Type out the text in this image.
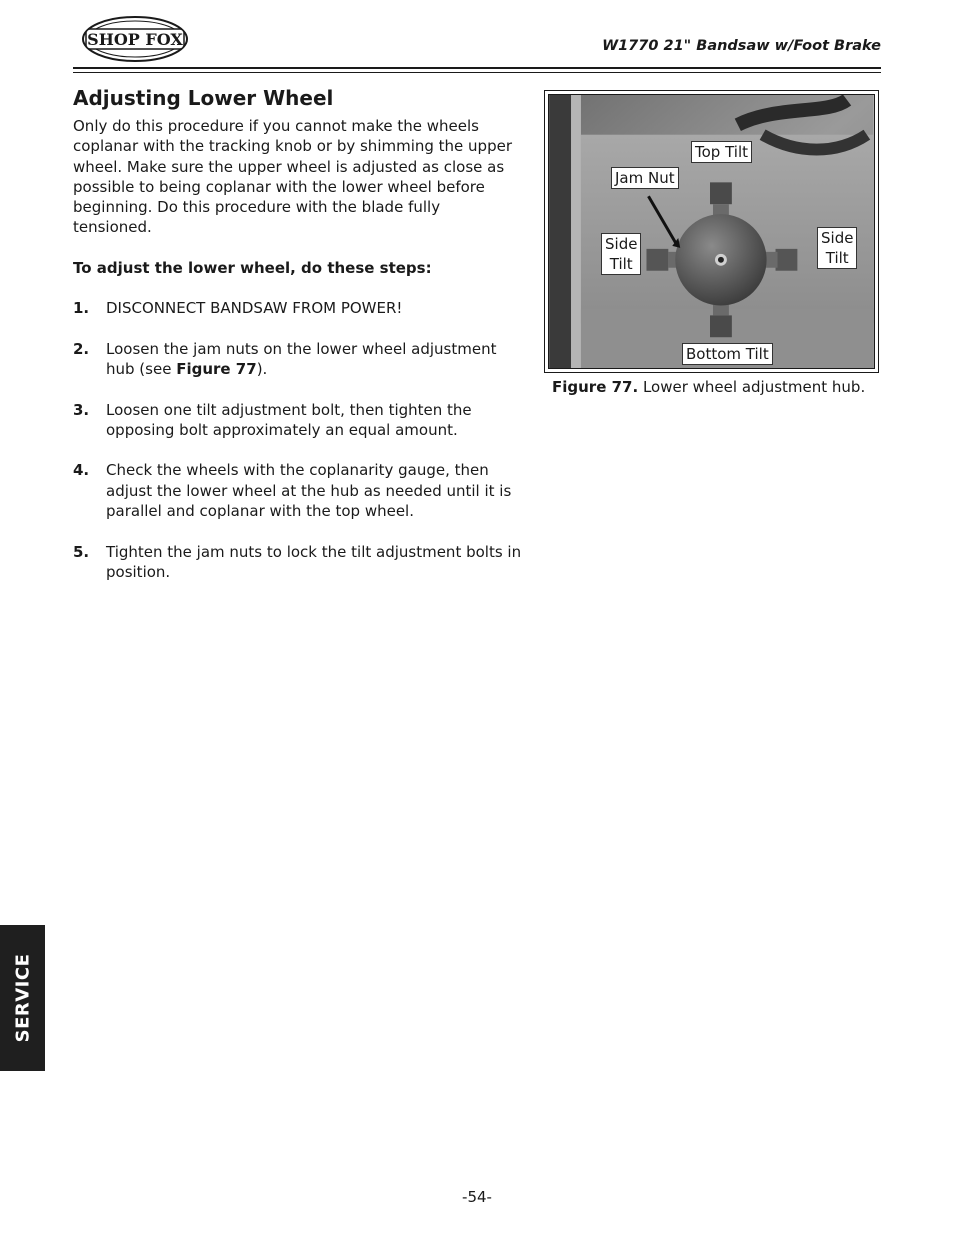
SHOP FOX	W1770 21" Bandsaw w/Foot Brake
Adjusting Lower Wheel

Only do this procedure if you cannot make the wheels coplanar with the tracking knob or by shimming the upper wheel. Make sure the upper wheel is adjusted as close as possible to being coplanar with the lower wheel before beginning. Do this procedure with the blade fully tensioned.

To adjust the lower wheel, do these steps:

1. DISCONNECT BANDSAW FROM POWER!

2. Loosen the jam nuts on the lower wheel adjustment hub (see Figure 77).

3. Loosen one tilt adjustment bolt, then tighten the opposing bolt approximately an equal amount.

4. Check the wheels with the coplanarity gauge, then adjust the lower wheel at the hub as needed until it is parallel and coplanar with the top wheel.

5. Tighten the jam nuts to lock the tilt adjustment bolts in position.

Top Tilt
Jam Nut
Side
Tilt
Side
Tilt
Bottom Tilt
Figure 77. Lower wheel adjustment hub.
SERVICE
-54-
